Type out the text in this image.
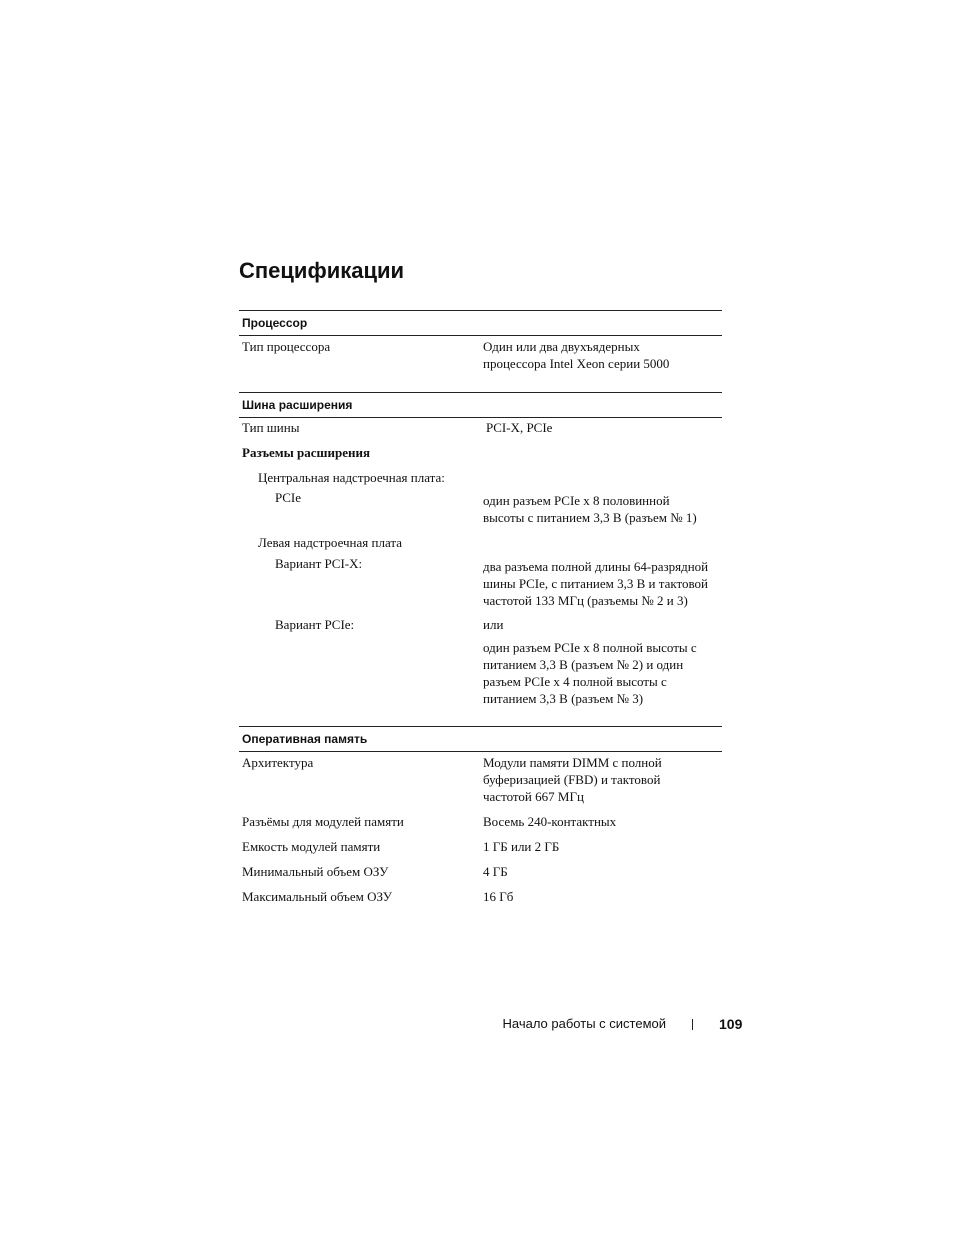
Спецификации
Процессор
Тип процессора	Один или два двухъядерных
процессора Intel Xeon серии 5000
Шина расширения
Тип шины	PCI-X, PCIe
Разъемы расширения
Центральная надстроечная плата:
PCIe	один разъем PCIe x 8 половинной
высоты с питанием 3,3 В (разъем № 1)
Левая надстроечная плата
Вариант PCI-X:	два разъема полной длины 64-разрядной
шины PCIe, с питанием 3,3 В и тактовой
частотой 133 МГц (разъемы № 2 и 3)
Вариант PCIe:	или
один разъем PCIe x 8 полной высоты с
питанием 3,3 В (разъем № 2) и один
разъем PCIe x 4 полной высоты с
питанием 3,3 В (разъем № 3)
Оперативная память
Архитектура	Модули памяти DIMM с полной
буферизацией (FBD) и тактовой
частотой 667 МГц
Разъёмы для модулей памяти	Восемь 240-контактных
Емкость модулей памяти	1 ГБ или 2 ГБ
Минимальный объем ОЗУ	4 ГБ
Максимальный объем ОЗУ	16 Гб
Начало работы с системой	109
